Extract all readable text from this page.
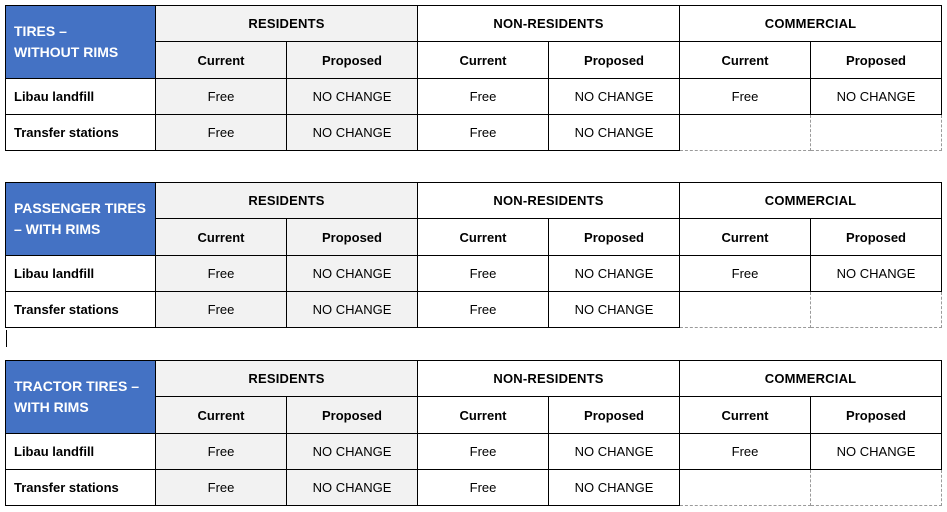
TIRES –
WITHOUT RIMS	RESIDENTS		NON-RESIDENTS		COMMERCIAL	
	Current	Proposed	Current	Proposed	Current	Proposed
Libau landfill	Free	NO CHANGE	Free	NO CHANGE	Free	NO CHANGE
Transfer stations	Free	NO CHANGE	Free	NO CHANGE		
PASSENGER TIRES
– WITH RIMS	RESIDENTS		NON-RESIDENTS		COMMERCIAL	
	Current	Proposed	Current	Proposed	Current	Proposed
Libau landfill	Free	NO CHANGE	Free	NO CHANGE	Free	NO CHANGE
Transfer stations	Free	NO CHANGE	Free	NO CHANGE		
TRACTOR TIRES –
WITH RIMS	RESIDENTS		NON-RESIDENTS		COMMERCIAL	
	Current	Proposed	Current	Proposed	Current	Proposed
Libau landfill	Free	NO CHANGE	Free	NO CHANGE	Free	NO CHANGE
Transfer stations	Free	NO CHANGE	Free	NO CHANGE		
